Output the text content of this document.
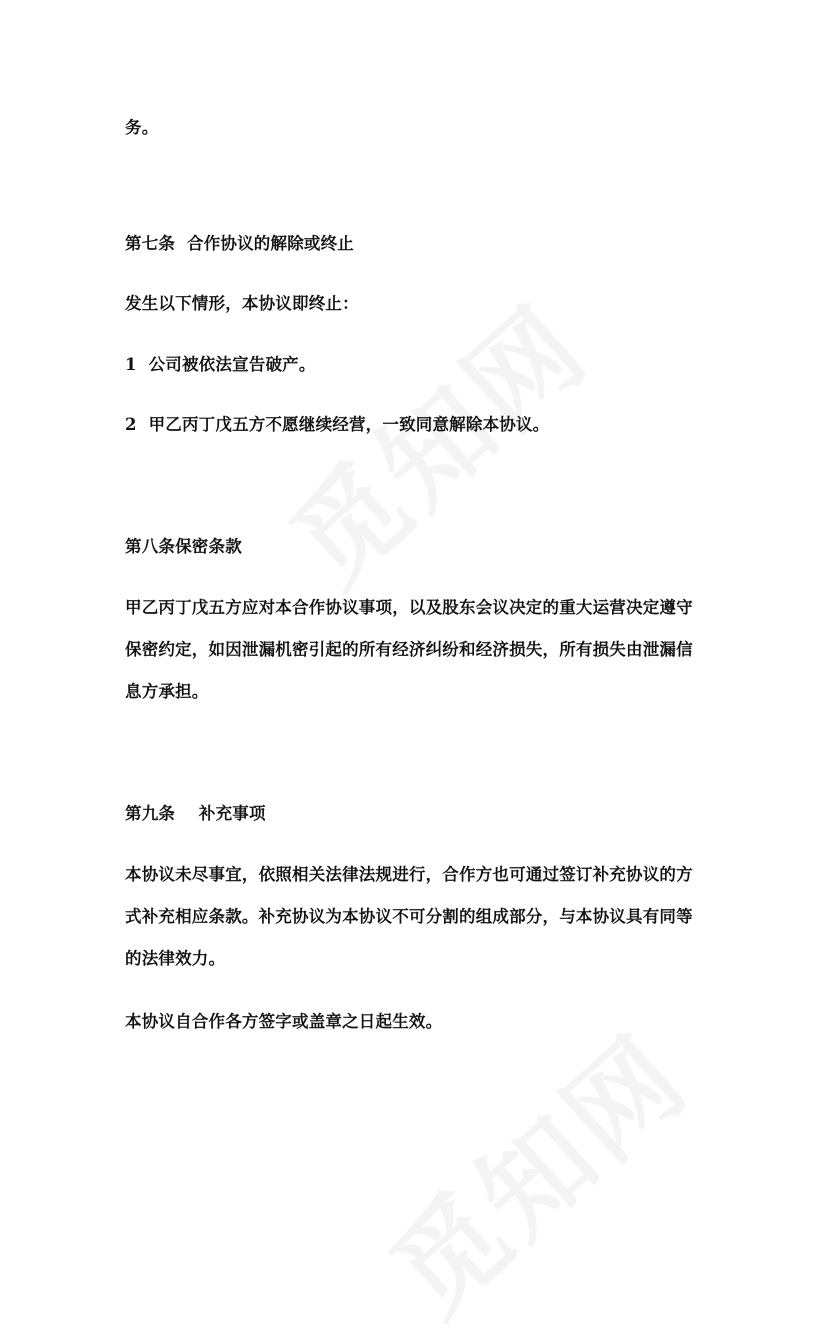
务。

第七条  合作协议的解除或终止

发生以下情形，本协议即终止：

1  公司被依法宣告破产。

2  甲乙丙丁戊五方不愿继续经营，一致同意解除本协议。

第八条保密条款

甲乙丙丁戊五方应对本合作协议事项，以及股东会议决定的重大运营决定遵守

保密约定，如因泄漏机密引起的所有经济纠纷和经济损失，所有损失由泄漏信

息方承担。

第九条    补充事项

本协议未尽事宜，依照相关法律法规进行，合作方也可通过签订补充协议的方

式补充相应条款。补充协议为本协议不可分割的组成部分，与本协议具有同等

的法律效力。

本协议自合作各方签字或盖章之日起生效。
